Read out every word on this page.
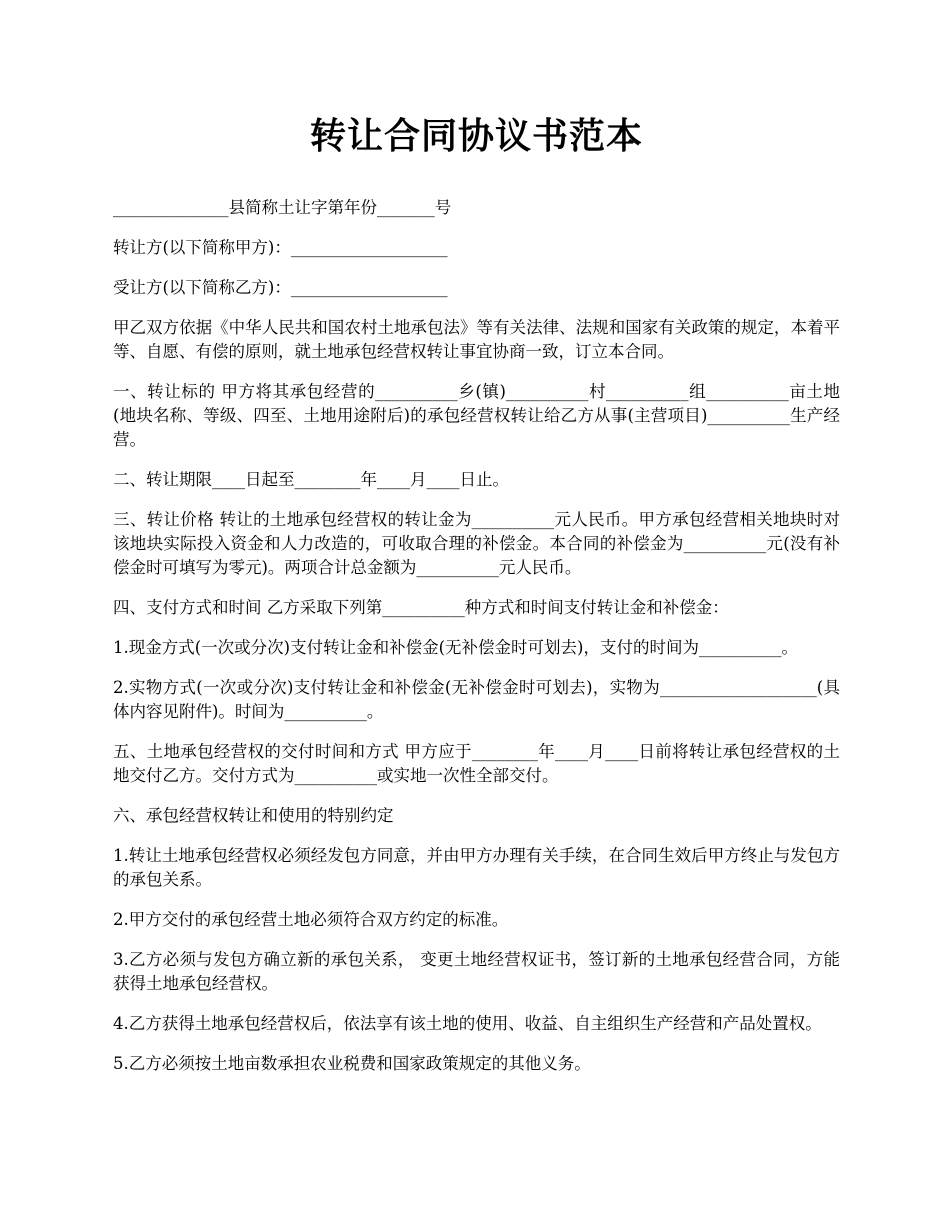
转让合同协议书范本

______________县简称土让字第年份_______号

转让方(以下简称甲方)：___________________

受让方(以下简称乙方)：___________________

甲乙双方依据《中华人民共和国农村土地承包法》等有关法律、法规和国家有关政策的规定，本着平等、自愿、有偿的原则，就土地承包经营权转让事宜协商一致，订立本合同。

一、转让标的 甲方将其承包经营的__________乡(镇)__________村__________组__________亩土地(地块名称、等级、四至、土地用途附后)的承包经营权转让给乙方从事(主营项目)__________生产经营。

二、转让期限____日起至________年____月____日止。

三、转让价格 转让的土地承包经营权的转让金为__________元人民币。甲方承包经营相关地块时对该地块实际投入资金和人力改造的，可收取合理的补偿金。本合同的补偿金为__________元(没有补偿金时可填写为零元)。两项合计总金额为__________元人民币。

四、支付方式和时间 乙方采取下列第__________种方式和时间支付转让金和补偿金：

1.现金方式(一次或分次)支付转让金和补偿金(无补偿金时可划去)，支付的时间为__________。

2.实物方式(一次或分次)支付转让金和补偿金(无补偿金时可划去)，实物为___________________(具体内容见附件)。时间为__________。

五、土地承包经营权的交付时间和方式 甲方应于________年____月____日前将转让承包经营权的土地交付乙方。交付方式为__________或实地一次性全部交付。

六、承包经营权转让和使用的特别约定

1.转让土地承包经营权必须经发包方同意，并由甲方办理有关手续，在合同生效后甲方终止与发包方的承包关系。

2.甲方交付的承包经营土地必须符合双方约定的标准。

3.乙方必须与发包方确立新的承包关系， 变更土地经营权证书，签订新的土地承包经营合同，方能获得土地承包经营权。

4.乙方获得土地承包经营权后，依法享有该土地的使用、收益、自主组织生产经营和产品处置权。

5.乙方必须按土地亩数承担农业税费和国家政策规定的其他义务。
